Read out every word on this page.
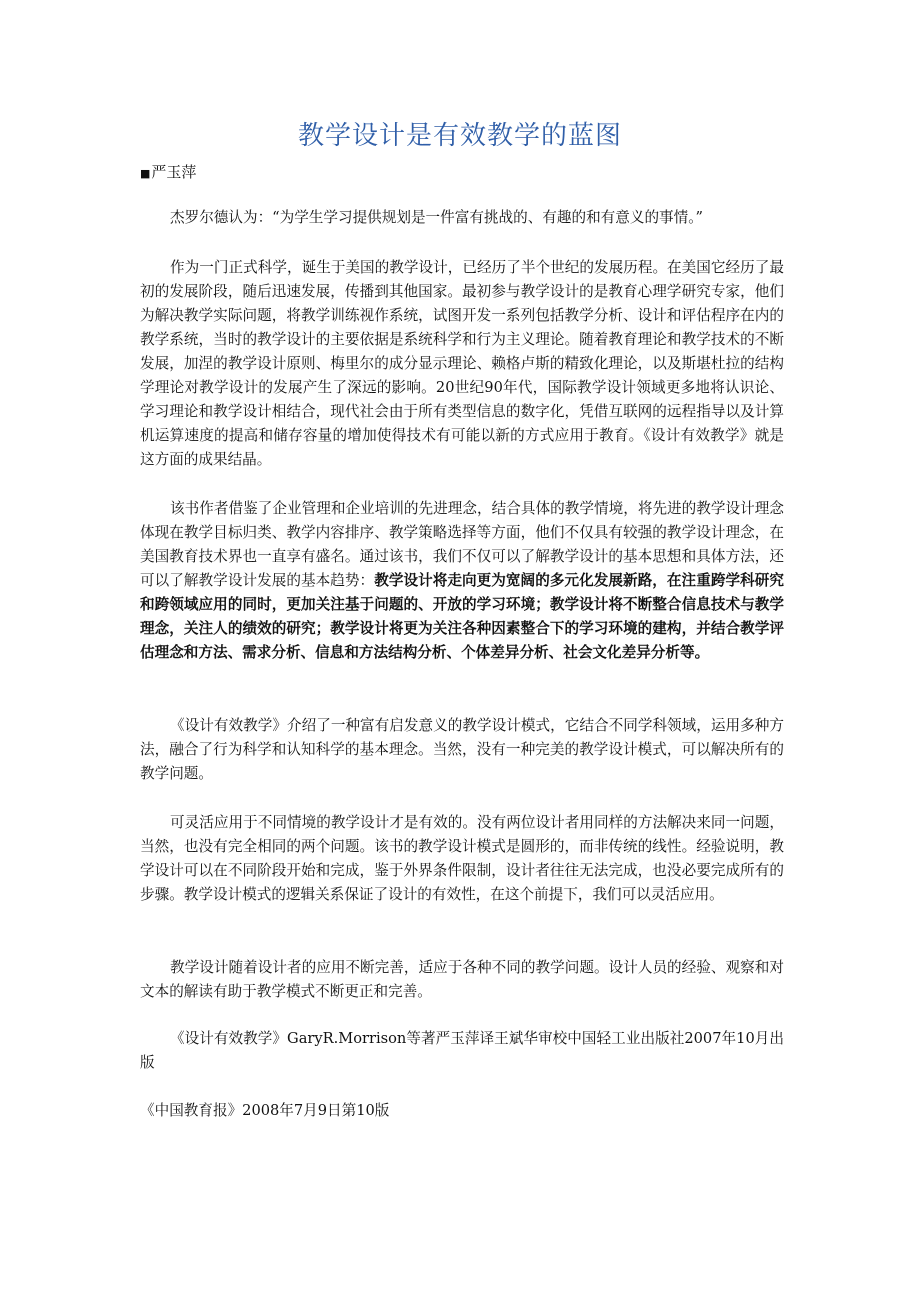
教学设计是有效教学的蓝图
■严玉萍

杰罗尔德认为：“为学生学习提供规划是一件富有挑战的、有趣的和有意义的事情。”

作为一门正式科学，诞生于美国的教学设计，已经历了半个世纪的发展历程。在美国它经历了最初的发展阶段，随后迅速发展，传播到其他国家。最初参与教学设计的是教育心理学研究专家，他们为解决教学实际问题，将教学训练视作系统，试图开发一系列包括教学分析、设计和评估程序在内的教学系统，当时的教学设计的主要依据是系统科学和行为主义理论。随着教育理论和教学技术的不断发展，加涅的教学设计原则、梅里尔的成分显示理论、赖格卢斯的精致化理论，以及斯堪杜拉的结构学理论对教学设计的发展产生了深远的影响。20世纪90年代，国际教学设计领域更多地将认识论、学习理论和教学设计相结合，现代社会由于所有类型信息的数字化，凭借互联网的远程指导以及计算机运算速度的提高和储存容量的增加使得技术有可能以新的方式应用于教育。《设计有效教学》就是这方面的成果结晶。

该书作者借鉴了企业管理和企业培训的先进理念，结合具体的教学情境，将先进的教学设计理念体现在教学目标归类、教学内容排序、教学策略选择等方面，他们不仅具有较强的教学设计理念，在美国教育技术界也一直享有盛名。通过该书，我们不仅可以了解教学设计的基本思想和具体方法，还可以了解教学设计发展的基本趋势：教学设计将走向更为宽阔的多元化发展新路，在注重跨学科研究和跨领域应用的同时，更加关注基于问题的、开放的学习环境；教学设计将不断整合信息技术与教学理念，关注人的绩效的研究；教学设计将更为关注各种因素整合下的学习环境的建构，并结合教学评估理念和方法、需求分析、信息和方法结构分析、个体差异分析、社会文化差异分析等。

《设计有效教学》介绍了一种富有启发意义的教学设计模式，它结合不同学科领域，运用多种方法，融合了行为科学和认知科学的基本理念。当然，没有一种完美的教学设计模式，可以解决所有的教学问题。

可灵活应用于不同情境的教学设计才是有效的。没有两位设计者用同样的方法解决来同一问题，当然，也没有完全相同的两个问题。该书的教学设计模式是圆形的，而非传统的线性。经验说明，教学设计可以在不同阶段开始和完成，鉴于外界条件限制，设计者往往无法完成，也没必要完成所有的步骤。教学设计模式的逻辑关系保证了设计的有效性，在这个前提下，我们可以灵活应用。

教学设计随着设计者的应用不断完善，适应于各种不同的教学问题。设计人员的经验、观察和对文本的解读有助于教学模式不断更正和完善。

《设计有效教学》GaryR.Morrison等著严玉萍译王斌华审校中国轻工业出版社2007年10月出版

《中国教育报》2008年7月9日第10版
